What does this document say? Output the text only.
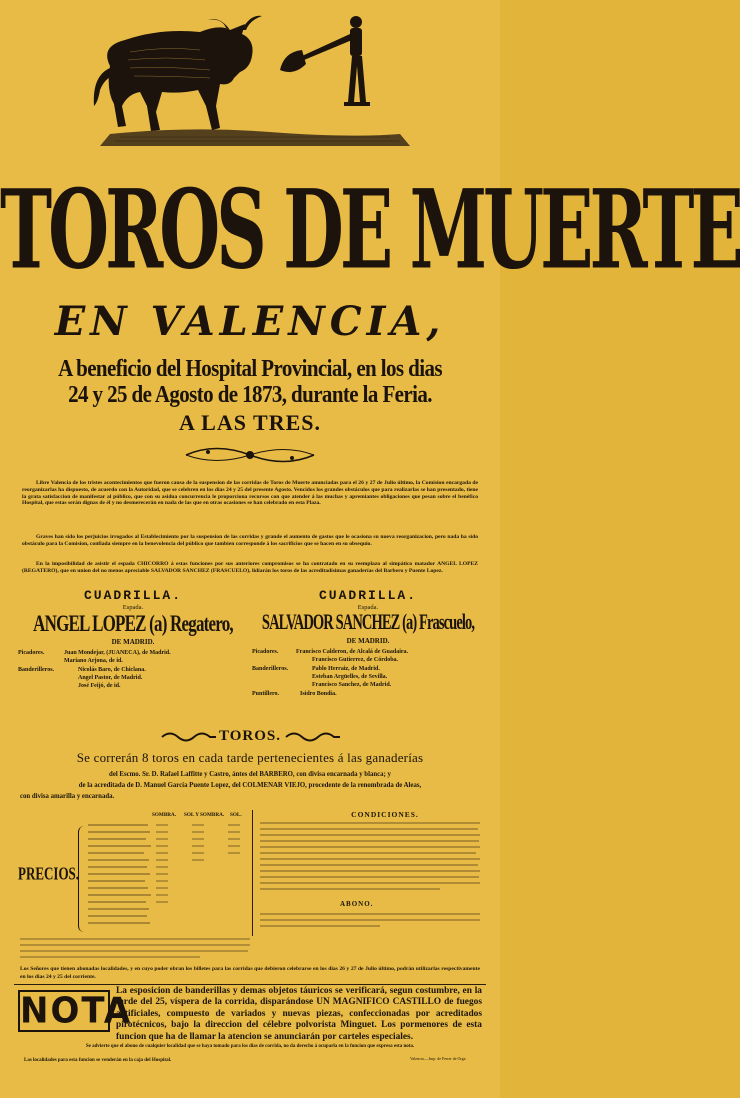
TOROS DE MUERTE
EN VALENCIA,
A beneficio del Hospital Provincial, en los dias
24 y 25 de Agosto de 1873, durante la Feria.
A LAS TRES.
Libre Valencia de los tristes acontecimientos que fueron causa de la suspension de las corridas de Toros de Muerte anunciadas para el 26 y 27 de Julio último, la Comision encargada de reorganizarlas ha dispuesto, de acuerdo con la Autoridad, que se celebren en los dias 24 y 25 del presente Agosto. Vencidos los grandes obstáculos que para realizarlas se han presentado, tiene la grata satisfaccion de manifestar al público, que con su asidua concurrencia le proporciona recursos con que atender á las muchas y apremiantes obligaciones que pesan sobre el benéfico Hospital, que estas serán dignas de él y no desmerecerán en nada de las que en otras ocasiones se han celebrado en esta Plaza.
Graves han sido los perjuicios irrogados al Establecimiento por la suspension de las corridas y grande el aumento de gastos que le ocasiona su nueva reorganizacion, pero nada ha sido obstáculo para la Comision, confiada siempre en la benevolencia del público que tambien corresponde á los sacrificios que se hacen en su obsequio.
En la imposibilidad de asistir el espada CHICORRO á estas funciones por sus anteriores compromisos se ha contratado en su reemplazo al simpático matador ANGEL LOPEZ (REGATERO), que en union del no menos apreciable SALVADOR SANCHEZ (FRASCUELO), lidiarán los toros de las acreditadísimas ganaderías del Barbero y Puente Lopez.
CUADRILLA.
Espada.
ANGEL LOPEZ (a) Regatero,
DE MADRID.
Picadores.	Juan Mondejar, (JUANECA), de Madrid.
Mariano Arjona, de id.
Banderilleros.	Nicolás Baro, de Chiclana.
Angel Pastor, de Madrid.
José Feijó, de id.
CUADRILLA.
Espada.
SALVADOR SANCHEZ (a) Frascuelo,
DE MADRID.
Picadores.	Francisco Calderon, de Alcalá de Guadaira.
Francisco Gutierrez, de Córdoba.
Banderilleros.	Pablo Herraiz, de Madrid.
Esteban Argüelles, de Sevilla.
Francisco Sanchez, de Madrid.
Puntillero.	Isidro Bondia.
TOROS.
Se correrán 8 toros en cada tarde pertenecientes á las ganaderías
del Escmo. Sr. D. Rafael Laffitte y Castro, ántes del BARBERO, con divisa encarnada y blanca; y
de la acreditada de D. Manuel García Puente Lopez, del COLMENAR VIEJO, procedente de la renombrada de Aleas,
con divisa amarilla y encarnada.
PRECIOS.
SOMBRA. SOL Y SOMBRA. SOL.	CONDICIONES.
ABONO.
Los Señores que tienen abonadas localidades, y en cuyo poder obran los billetes para las corridas que debieron celebrarse en los dias 26 y 27 de Julio último, podrán utilizarlas respectivamente en los dias 24 y 25 del corriente.
NOTA
La esposicion de banderillas y demas objetos táuricos se verificará, segun costumbre, en la tarde del 25, víspera de la corrida, disparándose UN MAGNIFICO CASTILLO de fuegos artificiales, compuesto de variados y nuevas piezas, confeccionadas por acreditados pirotécnicos, bajo la direccion del célebre polvorista Minguet. Los pormenores de esta funcion que ha de llamar la atencion se anunciarán por carteles especiales.
Se advierte que el abono de cualquier localidad que se haya tomado para los dias de corrida, no da derecho á ocuparla en la funcion que expresa esta nota.
Las localidades para esta funcion se venderán en la caja del Hospital.	Valencia.—Imp. de Ferrer de Orga.
